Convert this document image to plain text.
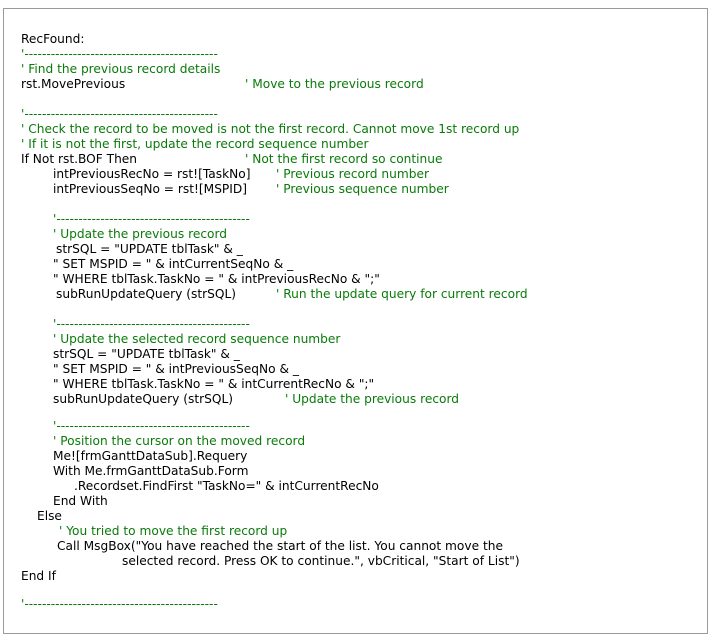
RecFound:
'--------------------------------------------
' Find the previous record details
rst.MovePrevious	' Move to the previous record
'--------------------------------------------
' Check the record to be moved is not the first record. Cannot move 1st record up
' If it is not the first, update the record sequence number
If Not rst.BOF Then	' Not the first record so continue
intPreviousRecNo = rst![TaskNo] ' Previous record number
intPreviousSeqNo = rst![MSPID] ' Previous sequence number
'--------------------------------------------
' Update the previous record
strSQL = "UPDATE tblTask" & _
" SET MSPID = " & intCurrentSeqNo & _
" WHERE tblTask.TaskNo = " & intPreviousRecNo & ";"
subRunUpdateQuery (strSQL)	' Run the update query for current record
'--------------------------------------------
' Update the selected record sequence number
strSQL = "UPDATE tblTask" & _
" SET MSPID = " & intPreviousSeqNo & _
" WHERE tblTask.TaskNo = " & intCurrentRecNo & ";"
subRunUpdateQuery (strSQL)	' Update the previous record
'--------------------------------------------
' Position the cursor on the moved record
Me![frmGanttDataSub].Requery
With Me.frmGanttDataSub.Form
.Recordset.FindFirst "TaskNo=" & intCurrentRecNo
End With
Else
' You tried to move the first record up
Call MsgBox("You have reached the start of the list. You cannot move the
selected record. Press OK to continue.", vbCritical, "Start of List")
End If
'--------------------------------------------
